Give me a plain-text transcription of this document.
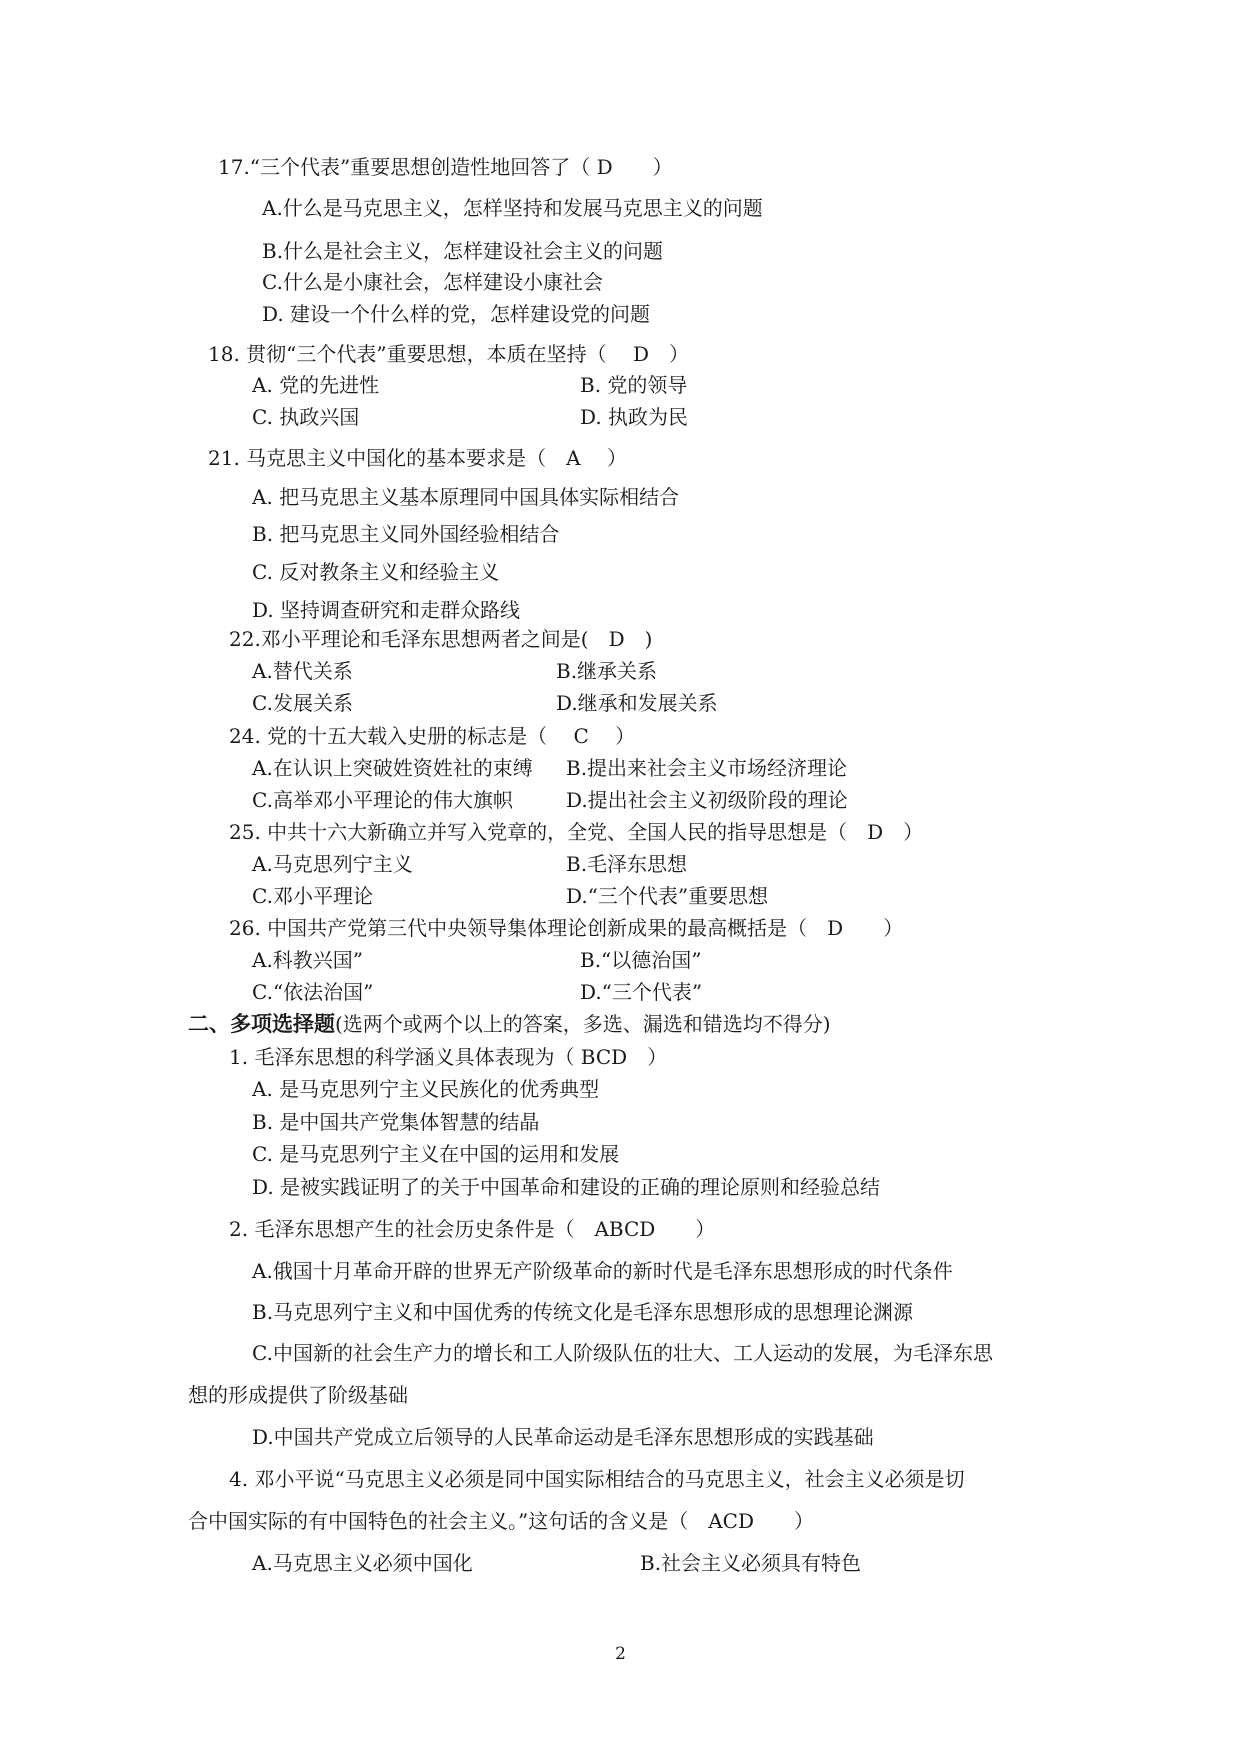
17.“三个代表”重要思想创造性地回答了（ D　　）
A.什么是马克思主义，怎样坚持和发展马克思主义的问题
B.什么是社会主义，怎样建设社会主义的问题
C.什么是小康社会，怎样建设小康社会
D. 建设一个什么样的党，怎样建设党的问题
18. 贯彻“三个代表”重要思想，本质在坚持（　 D　）
A. 党的先进性	B. 党的领导
C. 执政兴国	D. 执政为民
21. 马克思主义中国化的基本要求是（　A　 ）
A. 把马克思主义基本原理同中国具体实际相结合
B. 把马克思主义同外国经验相结合
C. 反对教条主义和经验主义
D. 坚持调查研究和走群众路线
22.邓小平理论和毛泽东思想两者之间是(　D　)
A.替代关系	B.继承关系
C.发展关系	D.继承和发展关系
24. 党的十五大载入史册的标志是（　 C　 ）
A.在认识上突破姓资姓社的束缚 B.提出来社会主义市场经济理论
C.高举邓小平理论的伟大旗帜	D.提出社会主义初级阶段的理论
25. 中共十六大新确立并写入党章的，全党、全国人民的指导思想是（　D　）
A.马克思列宁主义	B.毛泽东思想
C.邓小平理论	D.“三个代表”重要思想
26. 中国共产党第三代中央领导集体理论创新成果的最高概括是（　D　　）
A.科教兴国”	B.“以德治国”
C.“依法治国”	D.“三个代表”
二、多项选择题(选两个或两个以上的答案，多选、漏选和错选均不得分)
1. 毛泽东思想的科学涵义具体表现为（ BCD　）
A. 是马克思列宁主义民族化的优秀典型
B. 是中国共产党集体智慧的结晶
C. 是马克思列宁主义在中国的运用和发展
D. 是被实践证明了的关于中国革命和建设的正确的理论原则和经验总结
2. 毛泽东思想产生的社会历史条件是（　ABCD　　）
A.俄国十月革命开辟的世界无产阶级革命的新时代是毛泽东思想形成的时代条件
B.马克思列宁主义和中国优秀的传统文化是毛泽东思想形成的思想理论渊源
C.中国新的社会生产力的增长和工人阶级队伍的壮大、工人运动的发展，为毛泽东思
想的形成提供了阶级基础
D.中国共产党成立后领导的人民革命运动是毛泽东思想形成的实践基础
4. 邓小平说“马克思主义必须是同中国实际相结合的马克思主义，社会主义必须是切
合中国实际的有中国特色的社会主义。”这句话的含义是（　ACD　　）
A.马克思主义必须中国化	B.社会主义必须具有特色
2
